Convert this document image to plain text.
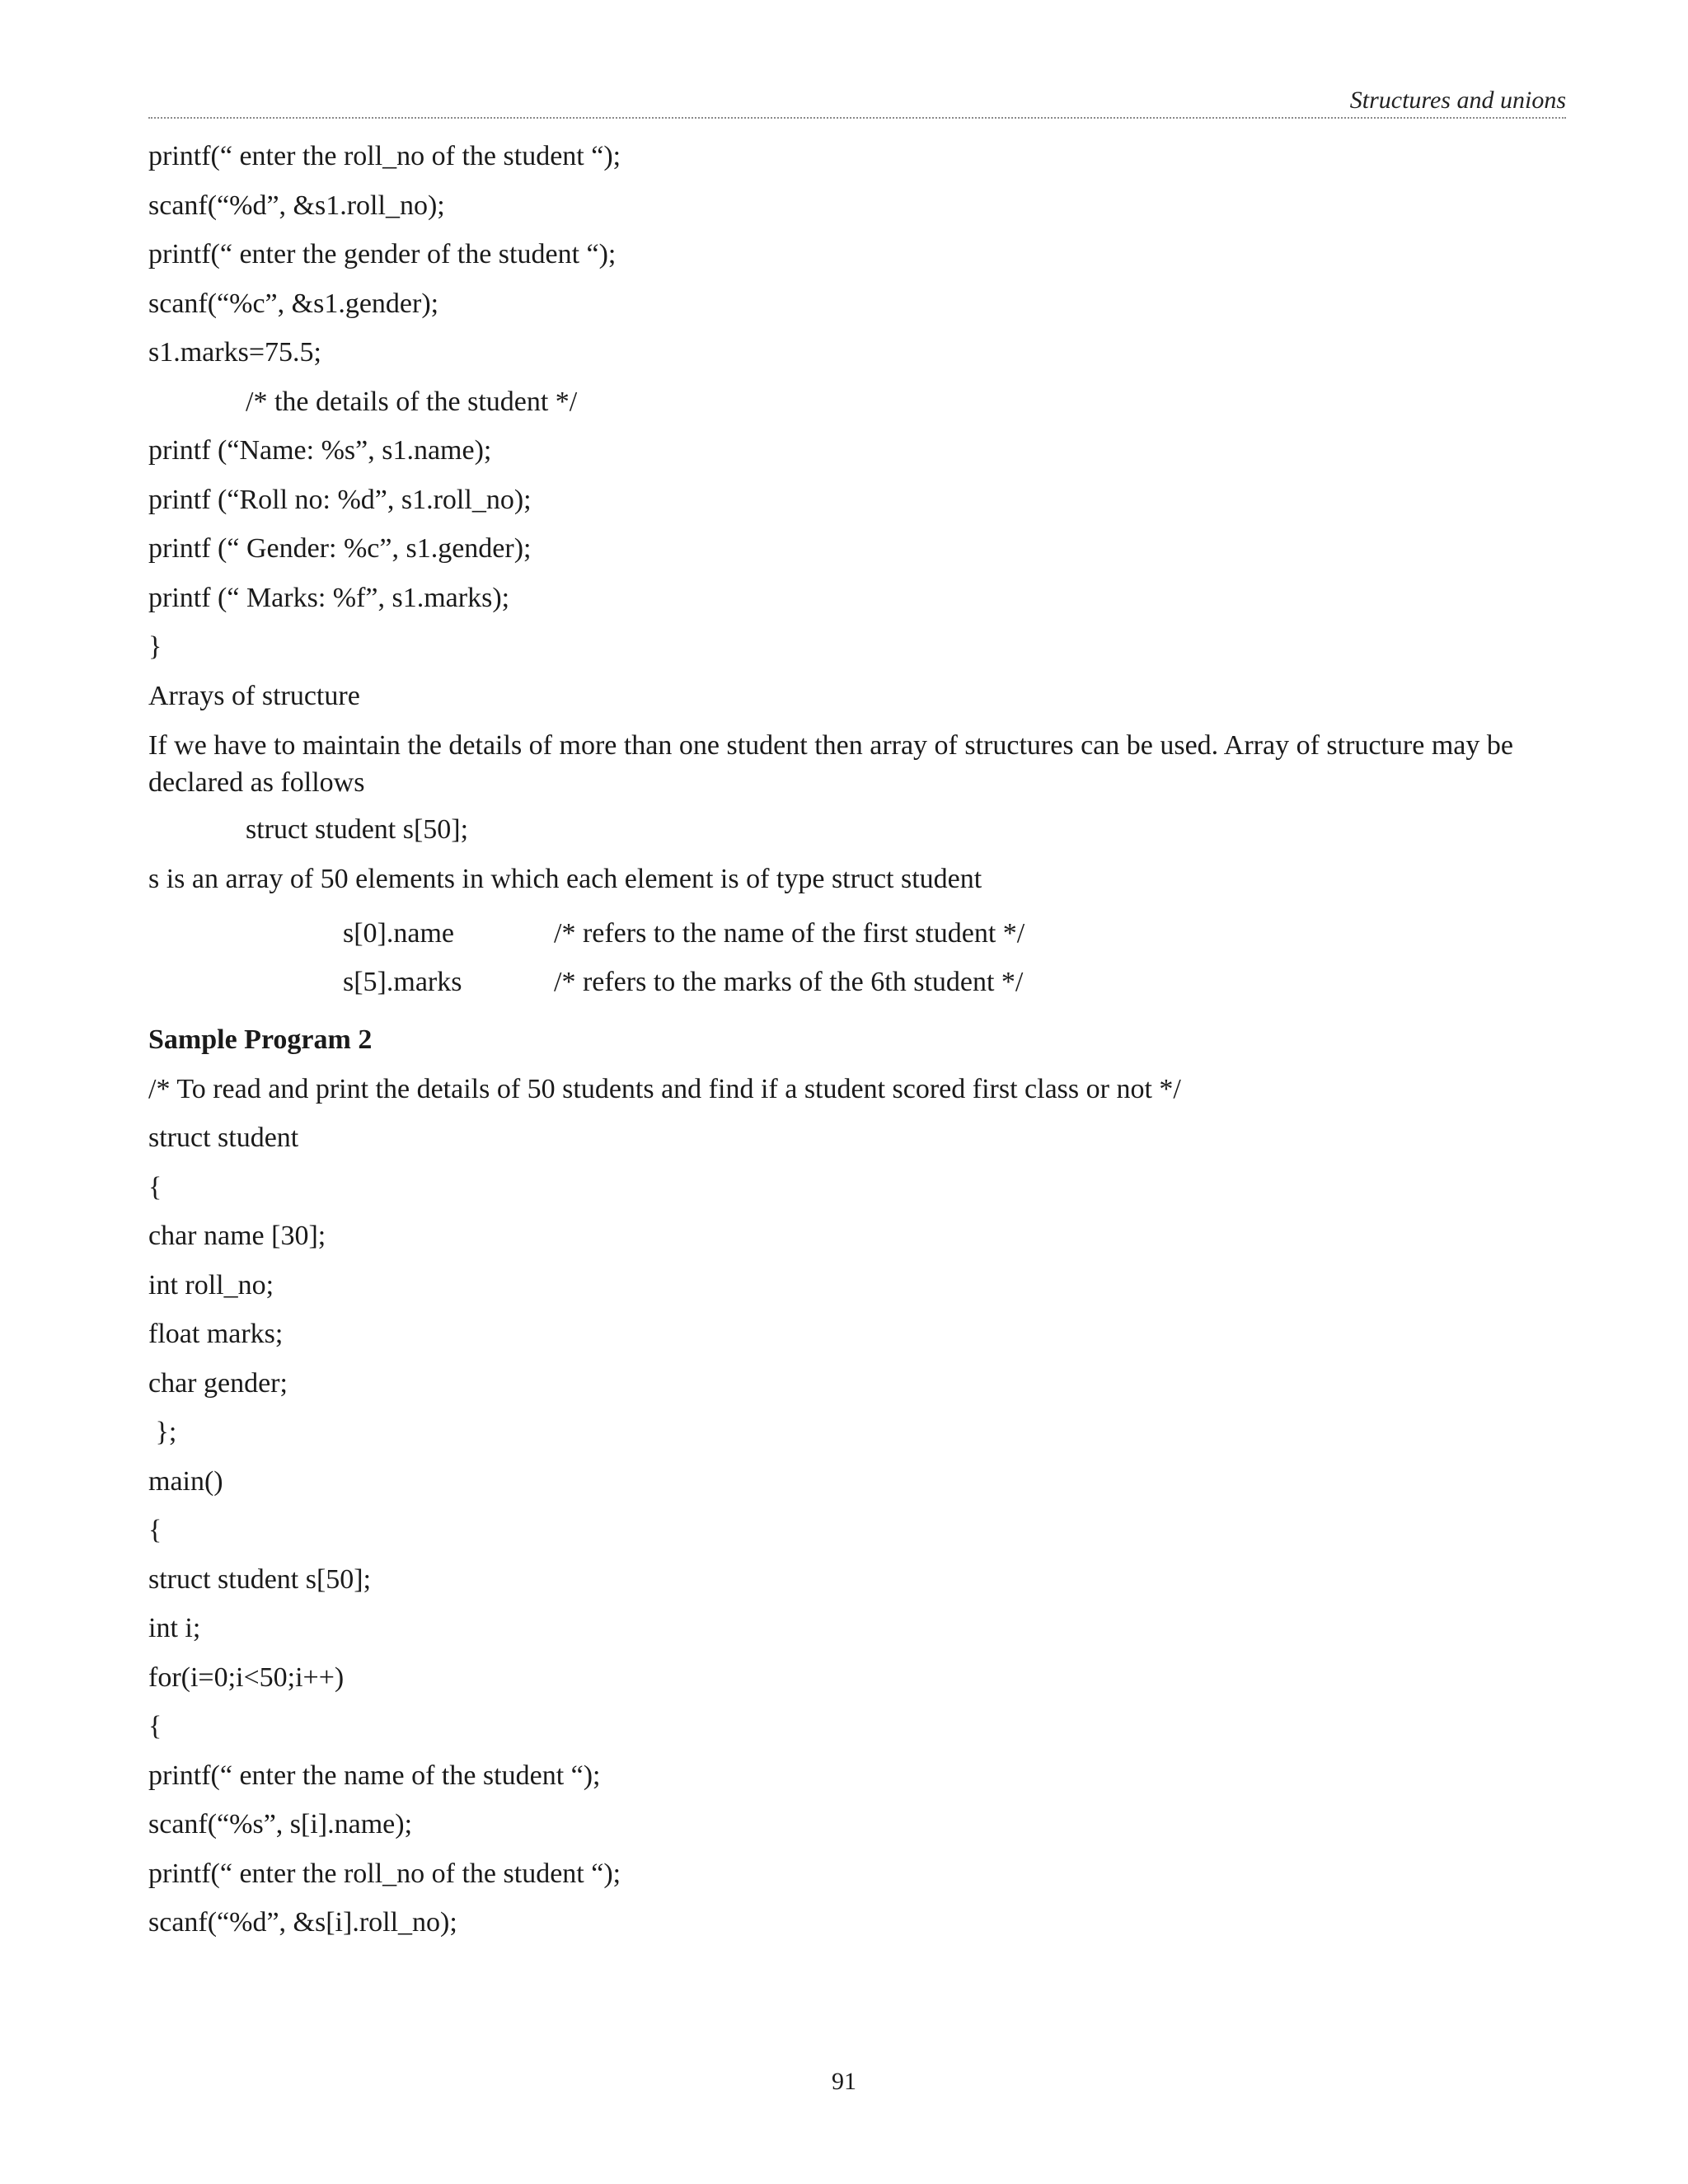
Structures and unions
printf(“ enter the roll_no of the student “);
scanf(“%d”, &s1.roll_no);
printf(“ enter the gender of the student “);
scanf(“%c”, &s1.gender);
s1.marks=75.5;
/* the details of the student */
printf (“Name: %s”, s1.name);
printf (“Roll no: %d”, s1.roll_no);
printf (“ Gender: %c”, s1.gender);
printf (“ Marks: %f”, s1.marks);
}
Arrays of structure
If we have to maintain the details of more than one student then array of structures can be used. Array of structure may be declared as follows
struct student s[50];
s is an array of 50 elements in which each element is of type struct student
s[0].name	/* refers to the name of the first student */
s[5].marks	/* refers to the marks of the 6th student */
Sample Program 2
/* To read and print the details of 50 students and find if a student scored first class or not */
struct student
{
char name [30];
int roll_no;
float marks;
char gender;
};
main()
{
struct student s[50];
int i;
for(i=0;i<50;i++)
{
printf(“ enter the name of the student “);
scanf(“%s”, s[i].name);
printf(“ enter the roll_no of the student “);
scanf(“%d”, &s[i].roll_no);
91
